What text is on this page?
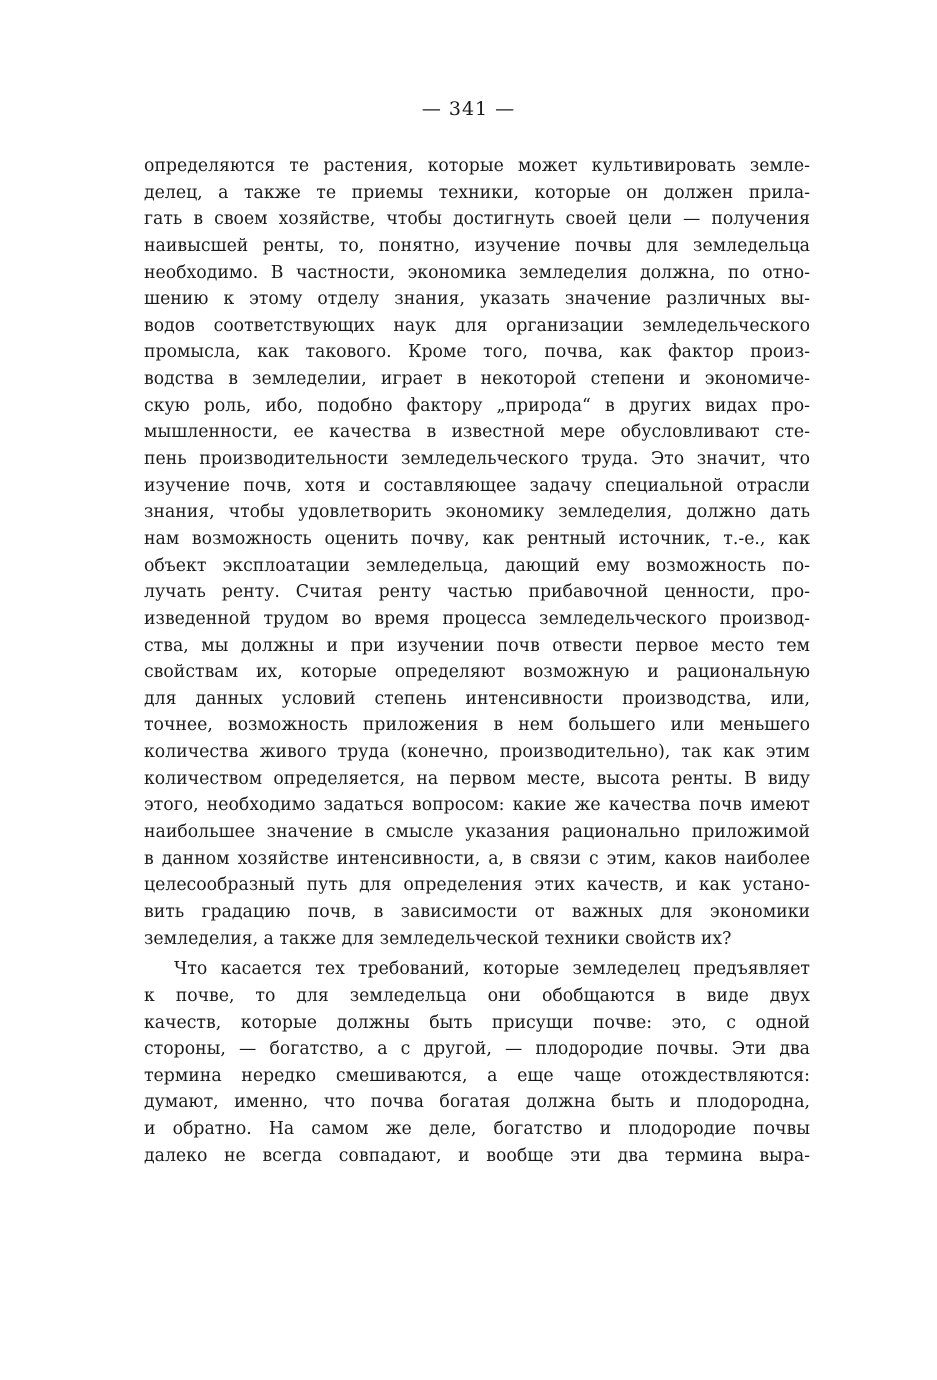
— 341 —
определяются те растения, которые может культивировать земле-
делец, а также те приемы техники, которые он должен прила-
гать в своем хозяйстве, чтобы достигнуть своей цели — получения
наивысшей ренты, то, понятно, изучение почвы для земледельца
необходимо. В частности, экономика земледелия должна, по отно-
шению к этому отделу знания, указать значение различных вы-
водов соответствующих наук для организации земледельческого
промысла, как такового. Кроме того, почва, как фактор произ-
водства в земледелии, играет в некоторой степени и экономиче-
скую роль, ибо, подобно фактору „природа“ в других видах про-
мышленности, ее качества в известной мере обусловливают сте-
пень производительности земледельческого труда. Это значит, что
изучение почв, хотя и составляющее задачу специальной отрасли
знания, чтобы удовлетворить экономику земледелия, должно дать
нам возможность оценить почву, как рентный источник, т.-е., как
объект эксплоатации земледельца, дающий ему возможность по-
лучать ренту. Считая ренту частью прибавочной ценности, про-
изведенной трудом во время процесса земледельческого производ-
ства, мы должны и при изучении почв отвести первое место тем
свойствам их, которые определяют возможную и рациональную
для данных условий степень интенсивности производства, или,
точнее, возможность приложения в нем большего или меньшего
количества живого труда (конечно, производительно), так как этим
количеством определяется, на первом месте, высота ренты. В виду
этого, необходимо задаться вопросом: какие же качества почв имеют
наибольшее значение в смысле указания рационально приложимой
в данном хозяйстве интенсивности, а, в связи с этим, каков наиболее
целесообразный путь для определения этих качеств, и как устано-
вить градацию почв, в зависимости от важных для экономики
земледелия, а также для земледельческой техники свойств их?
Что касается тех требований, которые земледелец предъявляет
к почве, то для земледельца они обобщаются в виде двух
качеств, которые должны быть присущи почве: это, с одной
стороны, — богатство, а с другой, — плодородие почвы. Эти два
термина нередко смешиваются, а еще чаще отождествляются:
думают, именно, что почва богатая должна быть и плодородна,
и обратно. На самом же деле, богатство и плодородие почвы
далеко не всегда совпадают, и вообще эти два термина выра-
